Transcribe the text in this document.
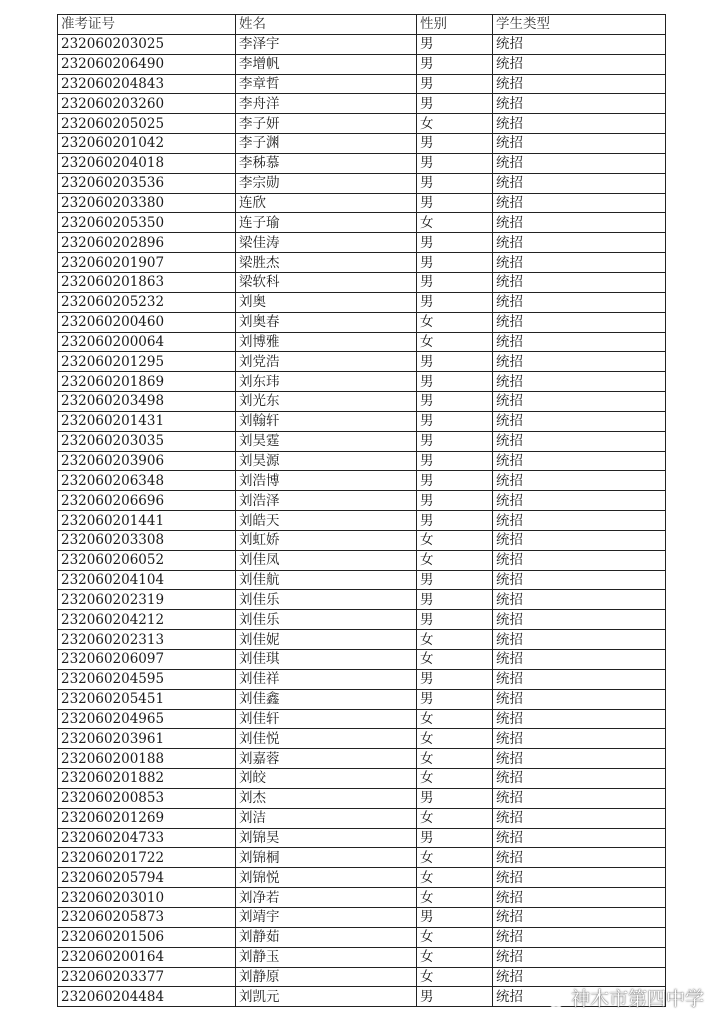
准考证号	姓名	性别	学生类型
232060203025	李泽宇	男	统招
232060206490	李增帆	男	统招
232060204843	李章哲	男	统招
232060203260	李舟洋	男	统招
232060205025	李子妍	女	统招
232060201042	李子渊	男	统招
232060204018	李秭慕	男	统招
232060203536	李宗勋	男	统招
232060203380	连欣	男	统招
232060205350	连子瑜	女	统招
232060202896	梁佳涛	男	统招
232060201907	梁胜杰	男	统招
232060201863	梁软科	男	统招
232060205232	刘奥	男	统招
232060200460	刘奥春	女	统招
232060200064	刘博雅	女	统招
232060201295	刘党浩	男	统招
232060201869	刘东玮	男	统招
232060203498	刘光东	男	统招
232060201431	刘翰轩	男	统招
232060203035	刘昊霆	男	统招
232060203906	刘昊源	男	统招
232060206348	刘浩博	男	统招
232060206696	刘浩泽	男	统招
232060201441	刘皓天	男	统招
232060203308	刘虹娇	女	统招
232060206052	刘佳凤	女	统招
232060204104	刘佳航	男	统招
232060202319	刘佳乐	男	统招
232060204212	刘佳乐	男	统招
232060202313	刘佳妮	女	统招
232060206097	刘佳琪	女	统招
232060204595	刘佳祥	男	统招
232060205451	刘佳鑫	男	统招
232060204965	刘佳轩	女	统招
232060203961	刘佳悦	女	统招
232060200188	刘嘉蓉	女	统招
232060201882	刘皎	女	统招
232060200853	刘杰	男	统招
232060201269	刘洁	女	统招
232060204733	刘锦昊	男	统招
232060201722	刘锦桐	女	统招
232060205794	刘锦悦	女	统招
232060203010	刘净若	女	统招
232060205873	刘靖宇	男	统招
232060201506	刘静茹	女	统招
232060200164	刘静玉	女	统招
232060203377	刘静原	女	统招
232060204484	刘凯元	男	统招	神木市第四中学
